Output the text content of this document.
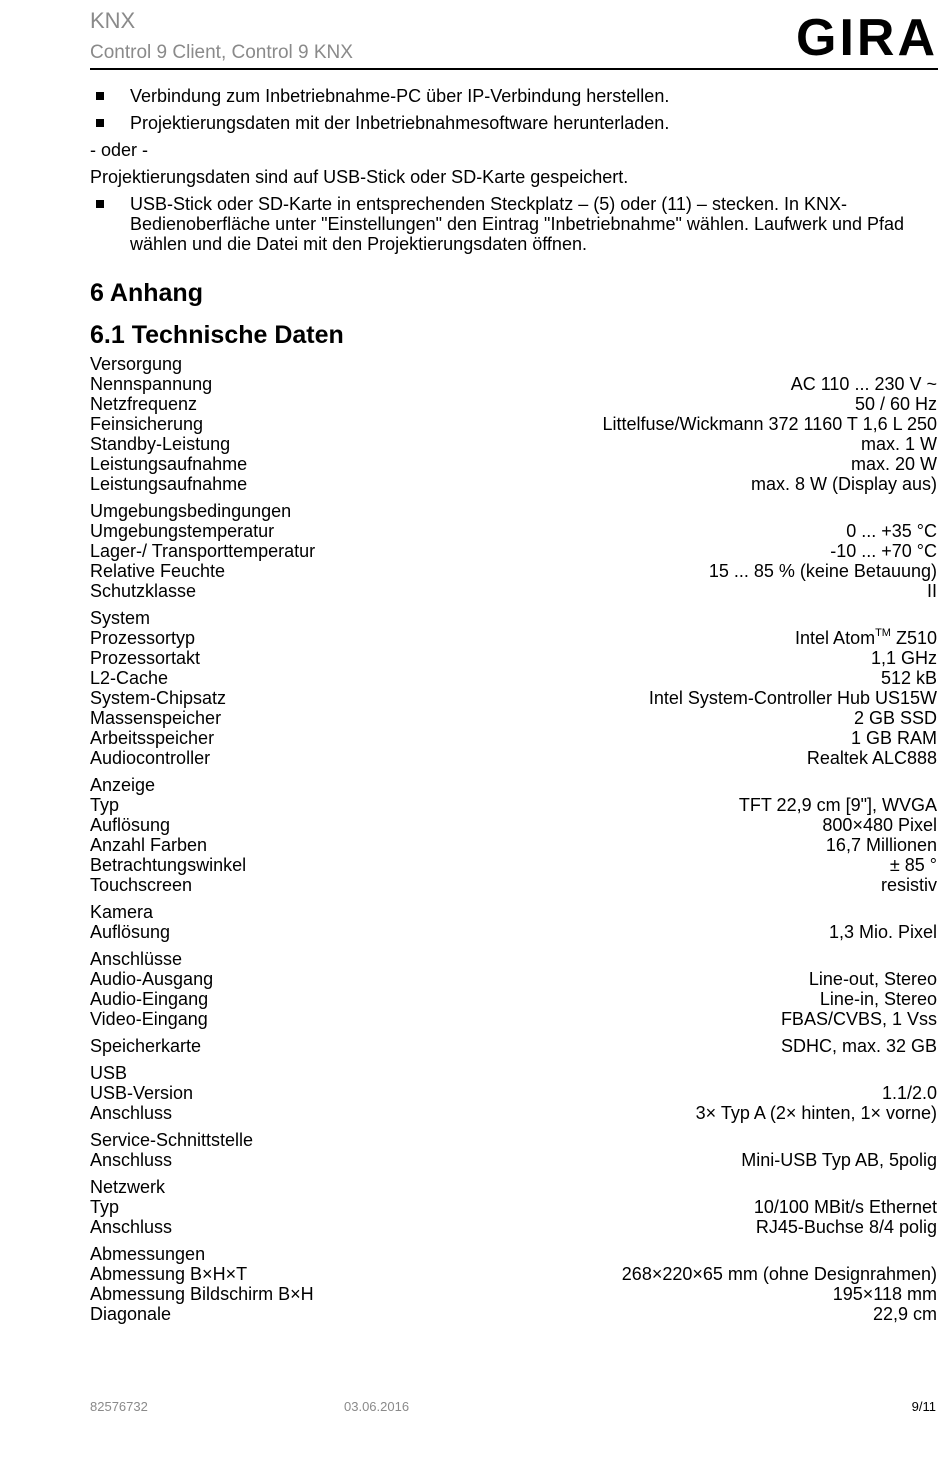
KNX
Control 9 Client, Control 9 KNX	GIRA
Verbindung zum Inbetriebnahme-PC über IP-Verbindung herstellen.
Projektierungsdaten mit der Inbetriebnahmesoftware herunterladen.
- oder -
Projektierungsdaten sind auf USB-Stick oder SD-Karte gespeichert.
USB-Stick oder SD-Karte in entsprechenden Steckplatz – (5) oder (11) – stecken. In KNX-Bedienoberfläche unter "Einstellungen" den Eintrag "Inbetriebnahme" wählen. Laufwerk und Pfad wählen und die Datei mit den Projektierungsdaten öffnen.
6 Anhang
6.1 Technische Daten
Versorgung
Nennspannung	AC 110 ... 230 V ~
Netzfrequenz	50 / 60 Hz
Feinsicherung	Littelfuse/Wickmann 372 1160 T 1,6 L 250
Standby-Leistung	max. 1 W
Leistungsaufnahme	max. 20 W
Leistungsaufnahme	max. 8 W (Display aus)
Umgebungsbedingungen
Umgebungstemperatur	0 ... +35 °C
Lager-/ Transporttemperatur	-10 ... +70 °C
Relative Feuchte	15 ... 85 % (keine Betauung)
Schutzklasse	II
System
Prozessortyp	Intel Atom™ Z510
Prozessortakt	1,1 GHz
L2-Cache	512 kB
System-Chipsatz	Intel System-Controller Hub US15W
Massenspeicher	2 GB SSD
Arbeitsspeicher	1 GB RAM
Audiocontroller	Realtek ALC888
Anzeige
Typ	TFT 22,9 cm [9"], WVGA
Auflösung	800×480 Pixel
Anzahl Farben	16,7 Millionen
Betrachtungswinkel	± 85 °
Touchscreen	resistiv
Kamera
Auflösung	1,3 Mio. Pixel
Anschlüsse
Audio-Ausgang	Line-out, Stereo
Audio-Eingang	Line-in, Stereo
Video-Eingang	FBAS/CVBS, 1 Vss
Speicherkarte	SDHC, max. 32 GB
USB
USB-Version	1.1/2.0
Anschluss	3× Typ A (2× hinten, 1× vorne)
Service-Schnittstelle
Anschluss	Mini-USB Typ AB, 5polig
Netzwerk
Typ	10/100 MBit/s Ethernet
Anschluss	RJ45-Buchse 8/4 polig
Abmessungen
Abmessung B×H×T	268×220×65 mm (ohne Designrahmen)
Abmessung Bildschirm B×H	195×118 mm
Diagonale	22,9 cm
82576732	03.06.2016	9/11
